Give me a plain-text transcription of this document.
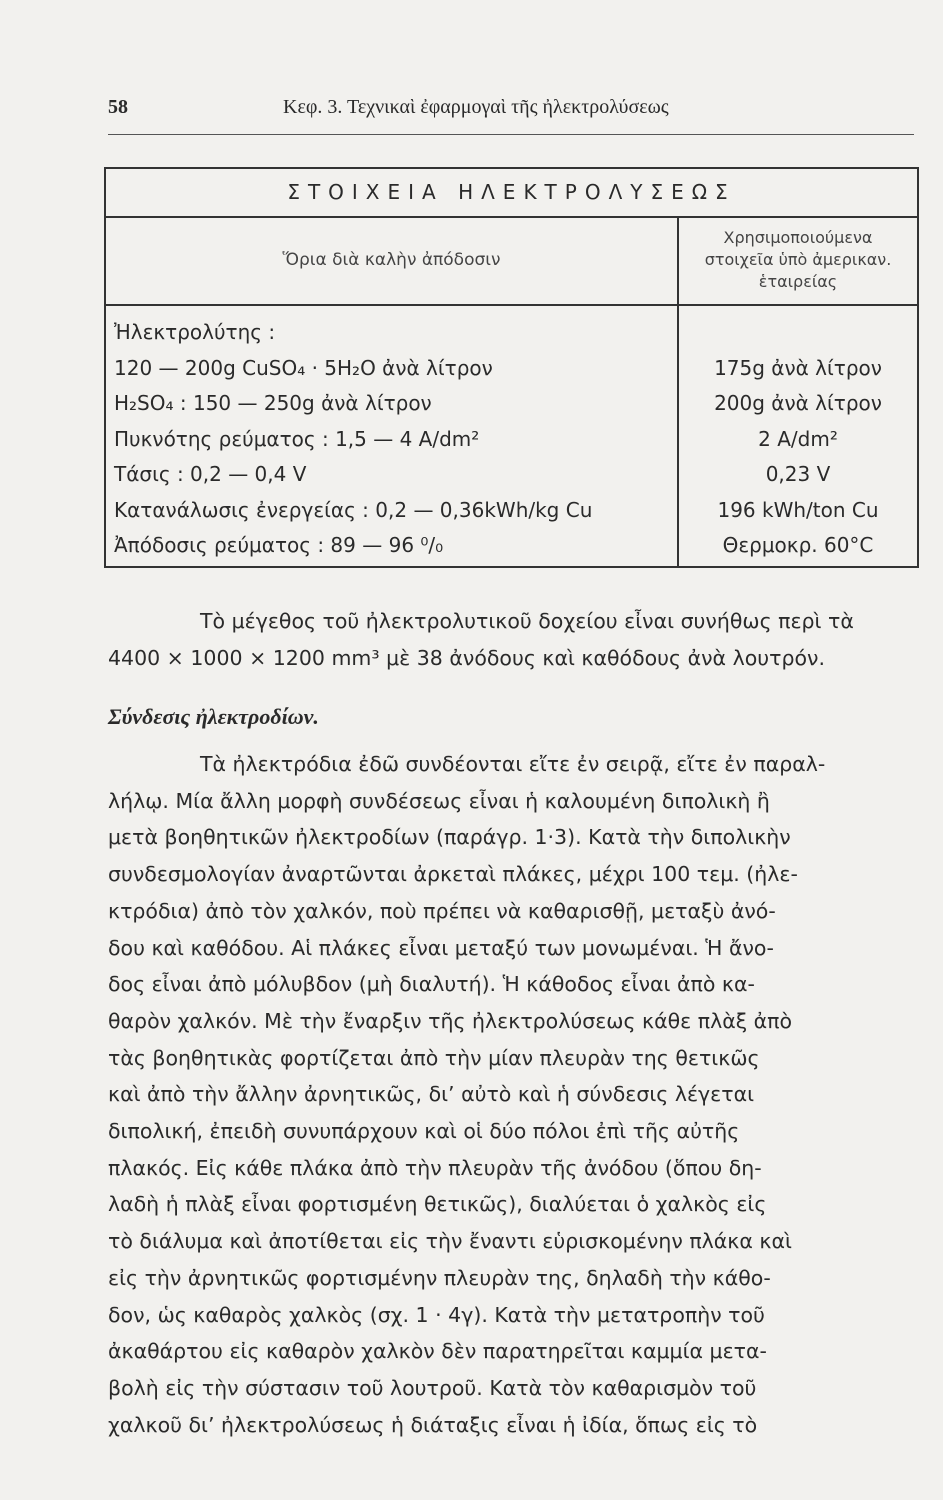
58	Κεφ. 3. Τεχνικαὶ ἐφαρμογαὶ τῆς ἠλεκτρολύσεως
ΣΤΟΙΧΕΙΑ ΗΛΕΚΤΡΟΛΥΣΕΩΣ
Ὅρια διὰ καλὴν ἀπόδοσιν
Χρησιμοποιούμενα
στοιχεῖα ὑπὸ ἀμερικαν.
ἑταιρείας
Ἠλεκτρολύτης :
120 — 200g CuSO₄ · 5H₂O ἀνὰ λίτρον
H₂SO₄ : 150 — 250g ἀνὰ λίτρον
Πυκνότης ρεύματος : 1,5 — 4 A/dm²
Τάσις : 0,2 — 0,4 V
Κατανάλωσις ἐνεργείας : 0,2 — 0,36kWh/kg Cu
Ἀπόδοσις ρεύματος : 89 — 96 ⁰/₀
175g ἀνὰ λίτρον
200g ἀνὰ λίτρον
2 A/dm²
0,23 V
196 kWh/ton Cu
Θερμοκρ. 60°C
Τὸ μέγεθος τοῦ ἠλεκτρολυτικοῦ δοχείου εἶναι συνήθως περὶ τὰ
4400 × 1000 × 1200 mm³ μὲ 38 ἀνόδους καὶ καθόδους ἀνὰ λουτρόν.
Σύνδεσις ἠλεκτρoδίων.
Τὰ ἠλεκτρόδια ἐδῶ συνδέονται εἴτε ἐν σειρᾷ, εἴτε ἐν παραλ-
λήλῳ. Μία ἄλλη μορφὴ συνδέσεως εἶναι ἡ καλουμένη διπολικὴ ἢ
μετὰ βοηθητικῶν ἠλεκτροδίων (παράγρ. 1·3). Κατὰ τὴν διπολικὴν
συνδεσμολογίαν ἀναρτῶνται ἀρκεταὶ πλάκες, μέχρι 100 τεμ. (ἠλε-
κτρόδια) ἀπὸ τὸν χαλκόν, ποὺ πρέπει νὰ καθαρισθῇ, μεταξὺ ἀνό-
δου καὶ καθόδου. Αἱ πλάκες εἶναι μεταξύ των μονωμέναι. Ἡ ἄνο-
δος εἶναι ἀπὸ μόλυβδον (μὴ διαλυτή). Ἡ κάθοδος εἶναι ἀπὸ κα-
θαρὸν χαλκόν. Μὲ τὴν ἔναρξιν τῆς ἠλεκτρολύσεως κάθε πλὰξ ἀπὸ
τὰς βοηθητικὰς φορτίζεται ἀπὸ τὴν μίαν πλευρὰν της θετικῶς
καὶ ἀπὸ τὴν ἄλλην ἀρνητικῶς, δι’ αὐτὸ καὶ ἡ σύνδεσις λέγεται
διπολική, ἐπειδὴ συνυπάρχουν καὶ οἱ δύο πόλοι ἐπὶ τῆς αὐτῆς
πλακός. Εἰς κάθε πλάκα ἀπὸ τὴν πλευρὰν τῆς ἀνόδου (ὅπου δη-
λαδὴ ἡ πλὰξ εἶναι φορτισμένη θετικῶς), διαλύεται ὁ χαλκὸς εἰς
τὸ διάλυμα καὶ ἀποτίθεται εἰς τὴν ἔναντι εὑρισκομένην πλάκα καὶ
εἰς τὴν ἀρνητικῶς φορτισμένην πλευρὰν της, δηλαδὴ τὴν κάθο-
δον, ὡς καθαρὸς χαλκὸς (σχ. 1 · 4γ). Κατὰ τὴν μετατροπὴν τοῦ
ἀκαθάρτου εἰς καθαρὸν χαλκὸν δὲν παρατηρεῖται καμμία μετα-
βολὴ εἰς τὴν σύστασιν τοῦ λουτροῦ. Κατὰ τὸν καθαρισμὸν τοῦ
χαλκοῦ δι’ ἠλεκτρολύσεως ἡ διάταξις εἶναι ἡ ἰδία, ὅπως εἰς τὸ
